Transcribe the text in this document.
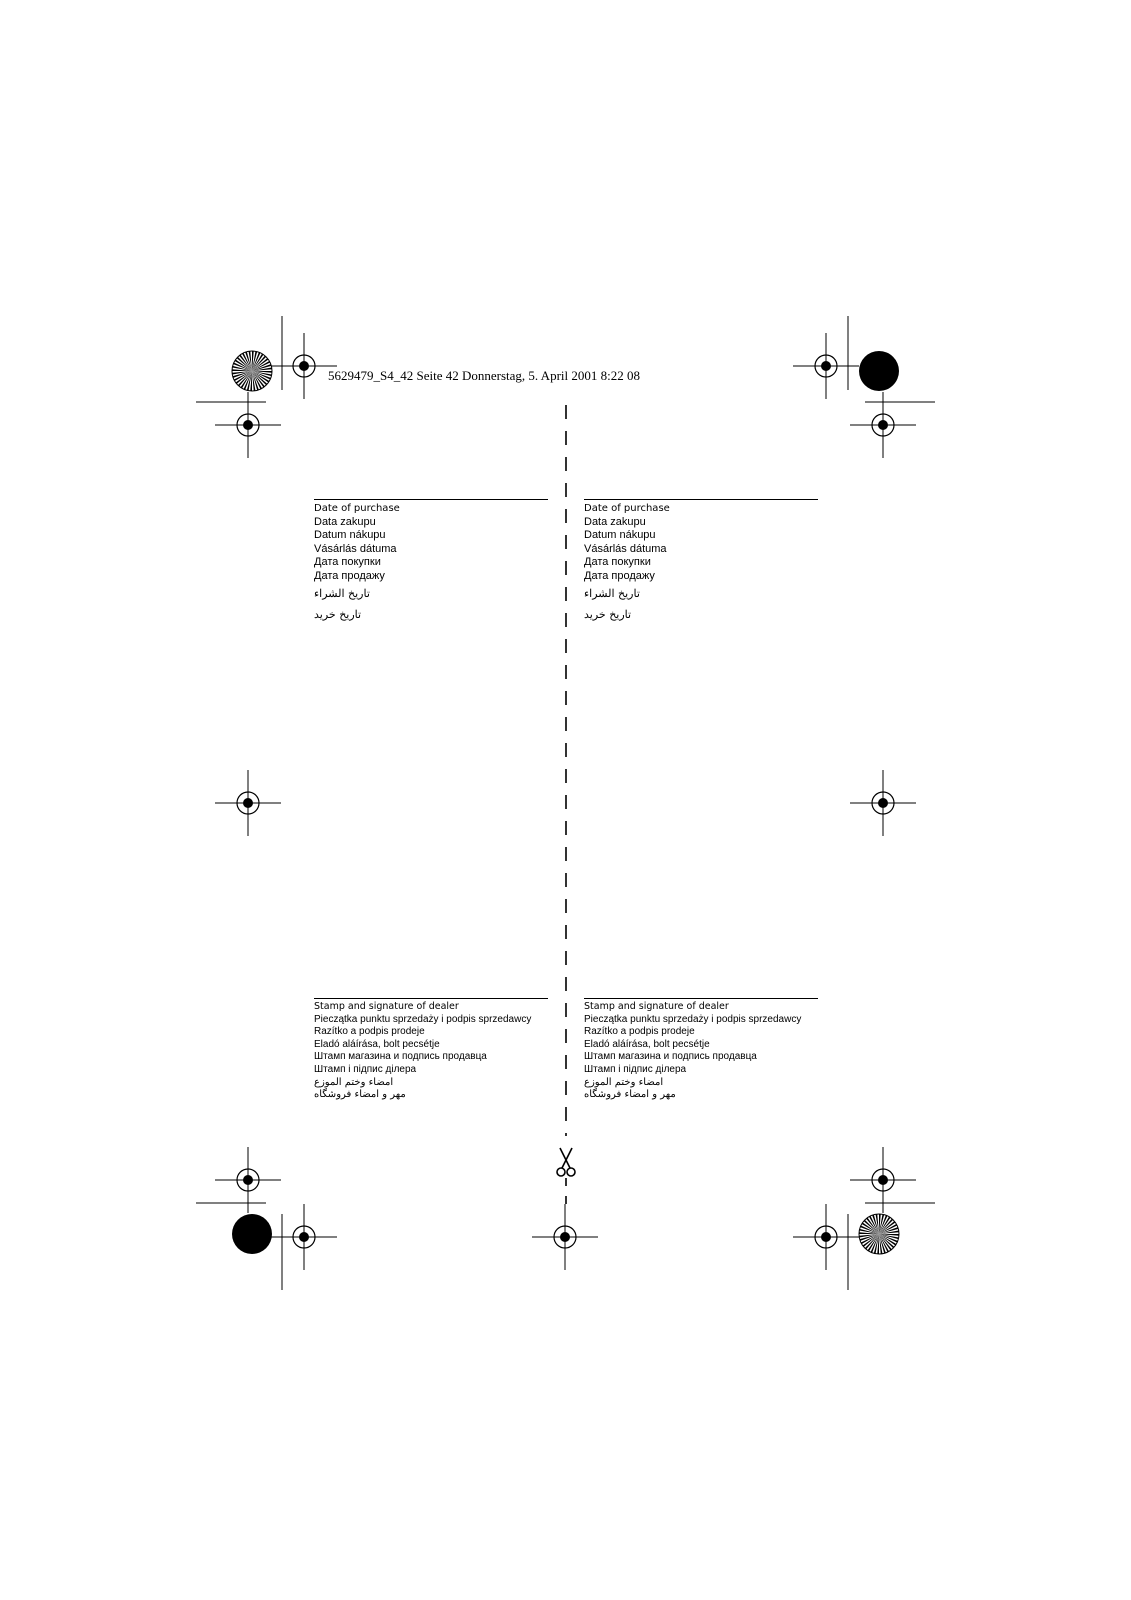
5629479_S4_42 Seite 42 Donnerstag, 5. April 2001 8:22 08
Date of purchase
Data zakupu
Datum nákupu
Vásárlás dátuma
Дата покупки
Дата продажу
تاريخ الشراء
تاريخ خريد
Date of purchase
Data zakupu
Datum nákupu
Vásárlás dátuma
Дата покупки
Дата продажу
تاريخ الشراء
تاريخ خريد
Stamp and signature of dealer
Pieczątka punktu sprzedaży i podpis sprzedawcy
Razítko a podpis prodeje
Eladó aláírása, bolt pecsétje
Штамп магазина и подпись продавца
Штамп і підпис ділера
امضاء وختم الموزع
مهر و امضاء فروشگاه
Stamp and signature of dealer
Pieczątka punktu sprzedaży i podpis sprzedawcy
Razítko a podpis prodeje
Eladó aláírása, bolt pecsétje
Штамп магазина и подпись продавца
Штамп і підпис ділера
امضاء وختم الموزع
مهر و امضاء فروشگاه
